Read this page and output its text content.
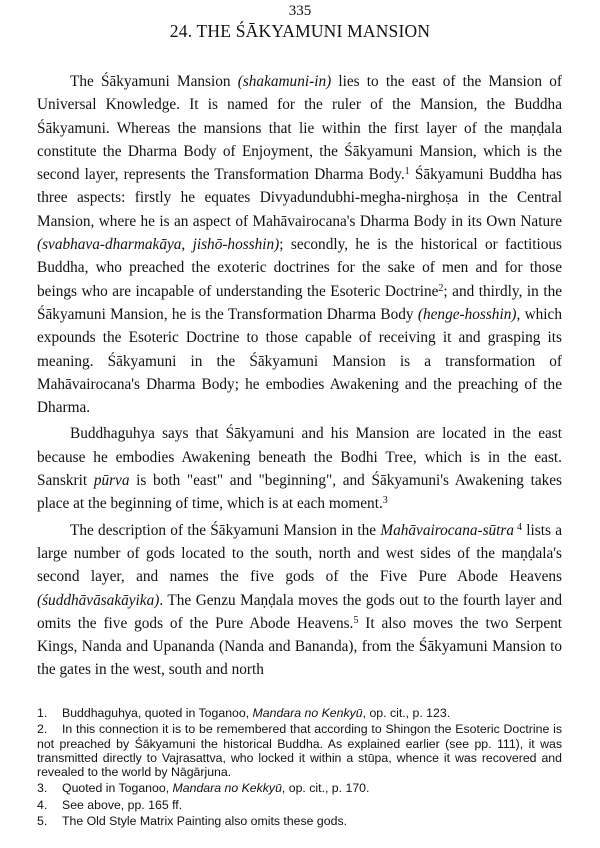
335
24. THE ŚĀKYAMUNI MANSION

The Śākyamuni Mansion (shakamuni-in) lies to the east of the Mansion of Universal Knowledge. It is named for the ruler of the Mansion, the Buddha Śākyamuni. Whereas the mansions that lie within the first layer of the maṇḍala constitute the Dharma Body of Enjoyment, the Śākyamuni Mansion, which is the second layer, represents the Transformation Dharma Body.$^1$ Śākyamuni Buddha has three aspects: firstly he equates Divyadundubhi-megha-nirghoṣa in the Central Mansion, where he is an aspect of Mahāvairocana's Dharma Body in its Own Nature (svabhava-dharmakāya, jishō-hosshin); secondly, he is the historical or factitious Buddha, who preached the exoteric doctrines for the sake of men and for those beings who are incapable of understanding the Esoteric Doctrine$^2$; and thirdly, in the Śākyamuni Mansion, he is the Transformation Dharma Body (henge-hosshin), which expounds the Esoteric Doctrine to those capable of receiving it and grasping its meaning. Śākyamuni in the Śākyamuni Mansion is a transformation of Mahāvairocana's Dharma Body; he embodies Awakening and the preaching of the Dharma.

Buddhaguhya says that Śākyamuni and his Mansion are located in the east because he embodies Awakening beneath the Bodhi Tree, which is in the east. Sanskrit pūrva is both "east" and "beginning", and Śākyamuni's Awakening takes place at the beginning of time, which is at each moment.$^3$

The description of the Śākyamuni Mansion in the Mahāvairocana-sūtra $^4$ lists a large number of gods located to the south, north and west sides of the maṇḍala's second layer, and names the five gods of the Five Pure Abode Heavens (śuddhāvāsakāyika). The Genzu Maṇḍala moves the gods out to the fourth layer and omits the five gods of the Pure Abode Heavens.$^5$ It also moves the two Serpent Kings, Nanda and Upananda (Nanda and Bananda), from the Śākyamuni Mansion to the gates in the west, south and north

1. Buddhaguhya, quoted in Toganoo, Mandara no Kenkyū, op. cit., p. 123.
2. In this connection it is to be remembered that according to Shingon the Esoteric Doctrine is not preached by Śākyamuni the historical Buddha. As explained earlier (see pp. 111), it was transmitted directly to Vajrasattva, who locked it within a stūpa, whence it was recovered and revealed to the world by Nāgārjuna.
3. Quoted in Toganoo, Mandara no Kekkyū, op. cit., p. 170.
4. See above, pp. 165 ff.
5. The Old Style Matrix Painting also omits these gods.
